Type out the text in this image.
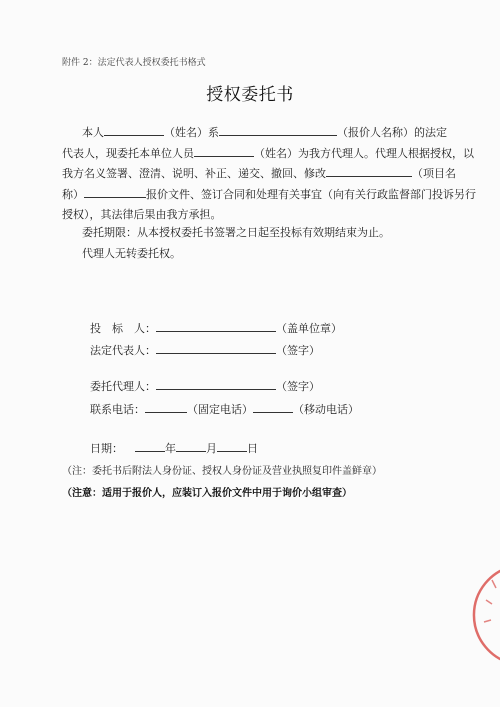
附件 2：法定代表人授权委托书格式
授权委托书
本人	（姓名）系	（报价人名称）的法定
代表人，现委托本单位人员	（姓名）为我方代理人。代理人根据授权，以
我方名义签署、澄清、说明、补正、递交、撤回、修改	（项目名
称）	报价文件、签订合同和处理有关事宜（向有关行政监督部门投诉另行
授权），其法律后果由我方承担。
委托期限：从本授权委托书签署之日起至投标有效期结束为止。
代理人无转委托权。
投　标　人：	（盖单位章）
法定代表人：	（签字）
委托代理人：	（签字）
联系电话：	（固定电话）	（移动电话）
日期：	年	月	日
（注：委托书后附法人身份证、授权人身份证及营业执照复印件盖鲜章）
（注意：适用于报价人，应装订入报价文件中用于询价小组审查）
